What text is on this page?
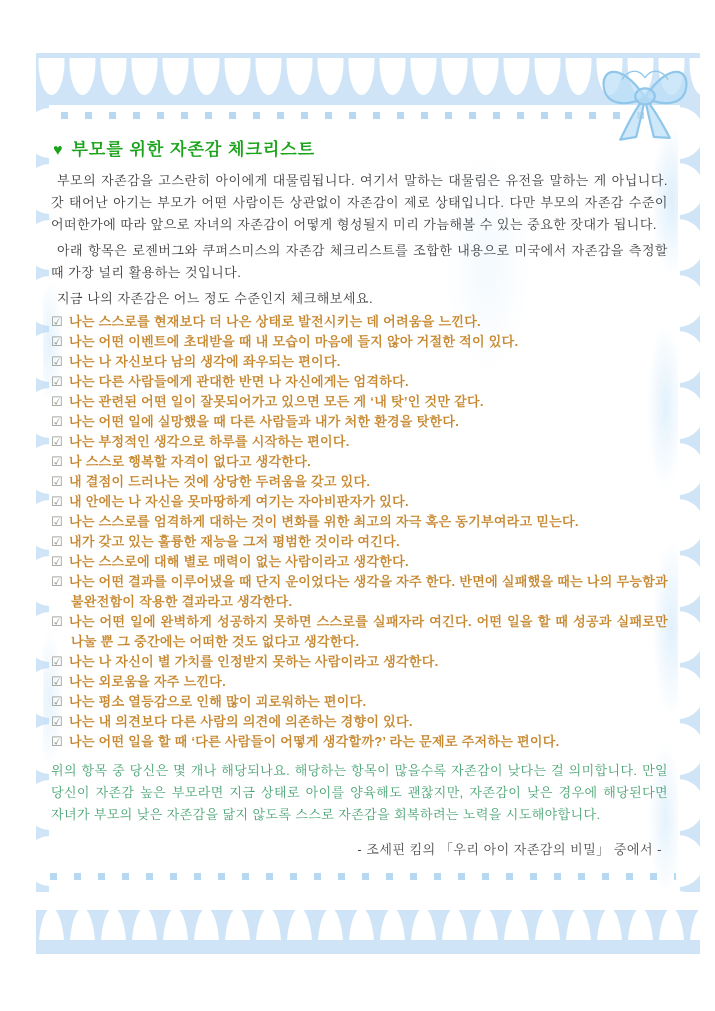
♥ 부모를 위한 자존감 체크리스트

부모의 자존감을 고스란히 아이에게 대물림됩니다. 여기서 말하는 대물림은 유전을 말하는 게 아닙니다. 갓 태어난 아기는 부모가 어떤 사람이든 상관없이 자존감이 제로 상태입니다. 다만 부모의 자존감 수준이 어떠한가에 따라 앞으로 자녀의 자존감이 어떻게 형성될지 미리 가늠해볼 수 있는 중요한 잣대가 됩니다.

아래 항목은 로젠버그와 쿠퍼스미스의 자존감 체크리스트를 조합한 내용으로 미국에서 자존감을 측정할 때 가장 널리 활용하는 것입니다.

지금 나의 자존감은 어느 정도 수준인지 체크해보세요.

☑ 나는 스스로를 현재보다 더 나은 상태로 발전시키는 데 어려움을 느낀다.
☑ 나는 어떤 이벤트에 초대받을 때 내 모습이 마음에 들지 않아 거절한 적이 있다.
☑ 나는 나 자신보다 남의 생각에 좌우되는 편이다.
☑ 나는 다른 사람들에게 관대한 반면 나 자신에게는 엄격하다.
☑ 나는 관련된 어떤 일이 잘못되어가고 있으면 모든 게 ‘내 탓’인 것만 같다.
☑ 나는 어떤 일에 실망했을 때 다른 사람들과 내가 처한 환경을 탓한다.
☑ 나는 부정적인 생각으로 하루를 시작하는 편이다.
☑ 나 스스로 행복할 자격이 없다고 생각한다.
☑ 내 결점이 드러나는 것에 상당한 두려움을 갖고 있다.
☑ 내 안에는 나 자신을 못마땅하게 여기는 자아비판자가 있다.
☑ 나는 스스로를 엄격하게 대하는 것이 변화를 위한 최고의 자극 혹은 동기부여라고 믿는다.
☑ 내가 갖고 있는 훌륭한 재능을 그저 평범한 것이라 여긴다.
☑ 나는 스스로에 대해 별로 매력이 없는 사람이라고 생각한다.
☑ 나는 어떤 결과를 이루어냈을 때 단지 운이었다는 생각을 자주 한다. 반면에 실패했을 때는 나의 무능함과 불완전함이 작용한 결과라고 생각한다.
☑ 나는 어떤 일에 완벽하게 성공하지 못하면 스스로를 실패자라 여긴다. 어떤 일을 할 때 성공과 실패로만 나눌 뿐 그 중간에는 어떠한 것도 없다고 생각한다.
☑ 나는 나 자신이 별 가치를 인정받지 못하는 사람이라고 생각한다.
☑ 나는 외로움을 자주 느낀다.
☑ 나는 평소 열등감으로 인해 많이 괴로워하는 편이다.
☑ 나는 내 의견보다 다른 사람의 의견에 의존하는 경향이 있다.
☑ 나는 어떤 일을 할 때 ‘다른 사람들이 어떻게 생각할까?’ 라는 문제로 주저하는 편이다.

위의 항목 중 당신은 몇 개나 해당되나요. 해당하는 항목이 많을수록 자존감이 낮다는 걸 의미합니다. 만일 당신이 자존감 높은 부모라면 지금 상태로 아이를 양육해도 괜찮지만, 자존감이 낮은 경우에 해당된다면 자녀가 부모의 낮은 자존감을 닮지 않도록 스스로 자존감을 회복하려는 노력을 시도해야합니다.

- 조세핀 킴의 「우리 아이 자존감의 비밀」 중에서 -
